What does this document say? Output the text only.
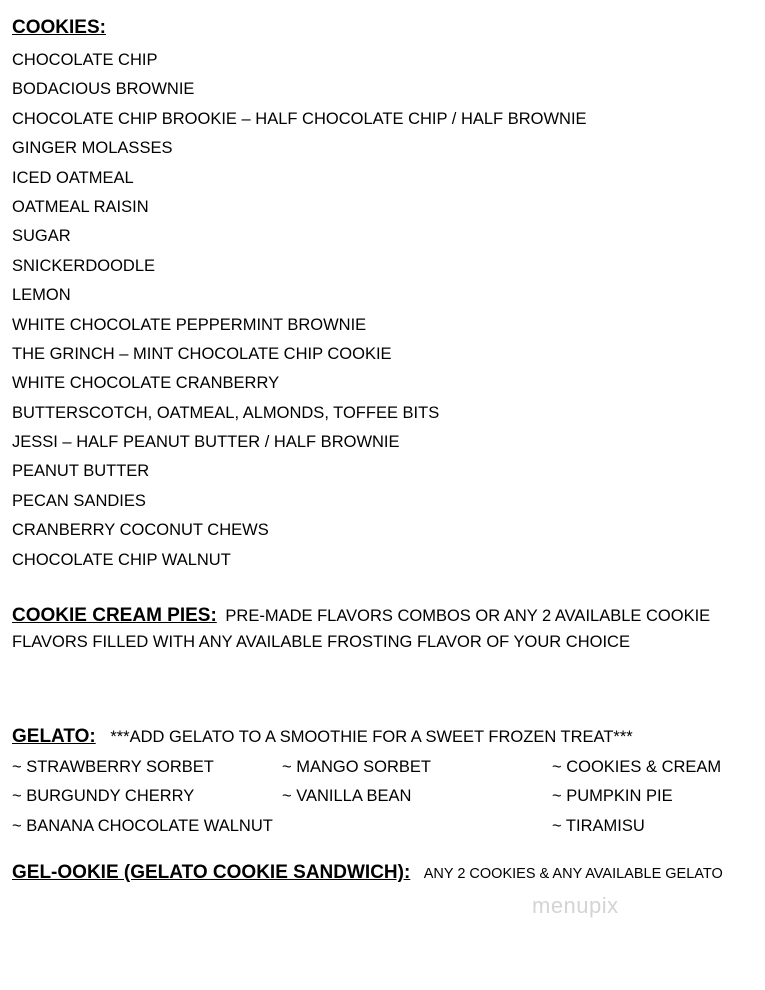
COOKIES:
CHOCOLATE CHIP
BODACIOUS BROWNIE
CHOCOLATE CHIP BROOKIE – HALF CHOCOLATE CHIP / HALF BROWNIE
GINGER MOLASSES
ICED OATMEAL
OATMEAL RAISIN
SUGAR
SNICKERDOODLE
LEMON
WHITE CHOCOLATE PEPPERMINT BROWNIE
THE GRINCH – MINT CHOCOLATE CHIP COOKIE
WHITE CHOCOLATE CRANBERRY
BUTTERSCOTCH, OATMEAL, ALMONDS, TOFFEE BITS
JESSI – HALF PEANUT BUTTER / HALF BROWNIE
PEANUT BUTTER
PECAN SANDIES
CRANBERRY COCONUT CHEWS
CHOCOLATE CHIP WALNUT
COOKIE CREAM PIES: PRE-MADE FLAVORS COMBOS OR ANY 2 AVAILABLE COOKIE FLAVORS FILLED WITH ANY AVAILABLE FROSTING FLAVOR OF YOUR CHOICE
GELATO: ***ADD GELATO TO A SMOOTHIE FOR A SWEET FROZEN TREAT***
~ STRAWBERRY SORBET
~ BURGUNDY CHERRY
~ BANANA CHOCOLATE WALNUT
~ MANGO SORBET
~ VANILLA BEAN
~ COOKIES & CREAM
~ PUMPKIN PIE
~ TIRAMISU
GEL-OOKIE (GELATO COOKIE SANDWICH): ANY 2 COOKIES & ANY AVAILABLE GELATO
menupix
